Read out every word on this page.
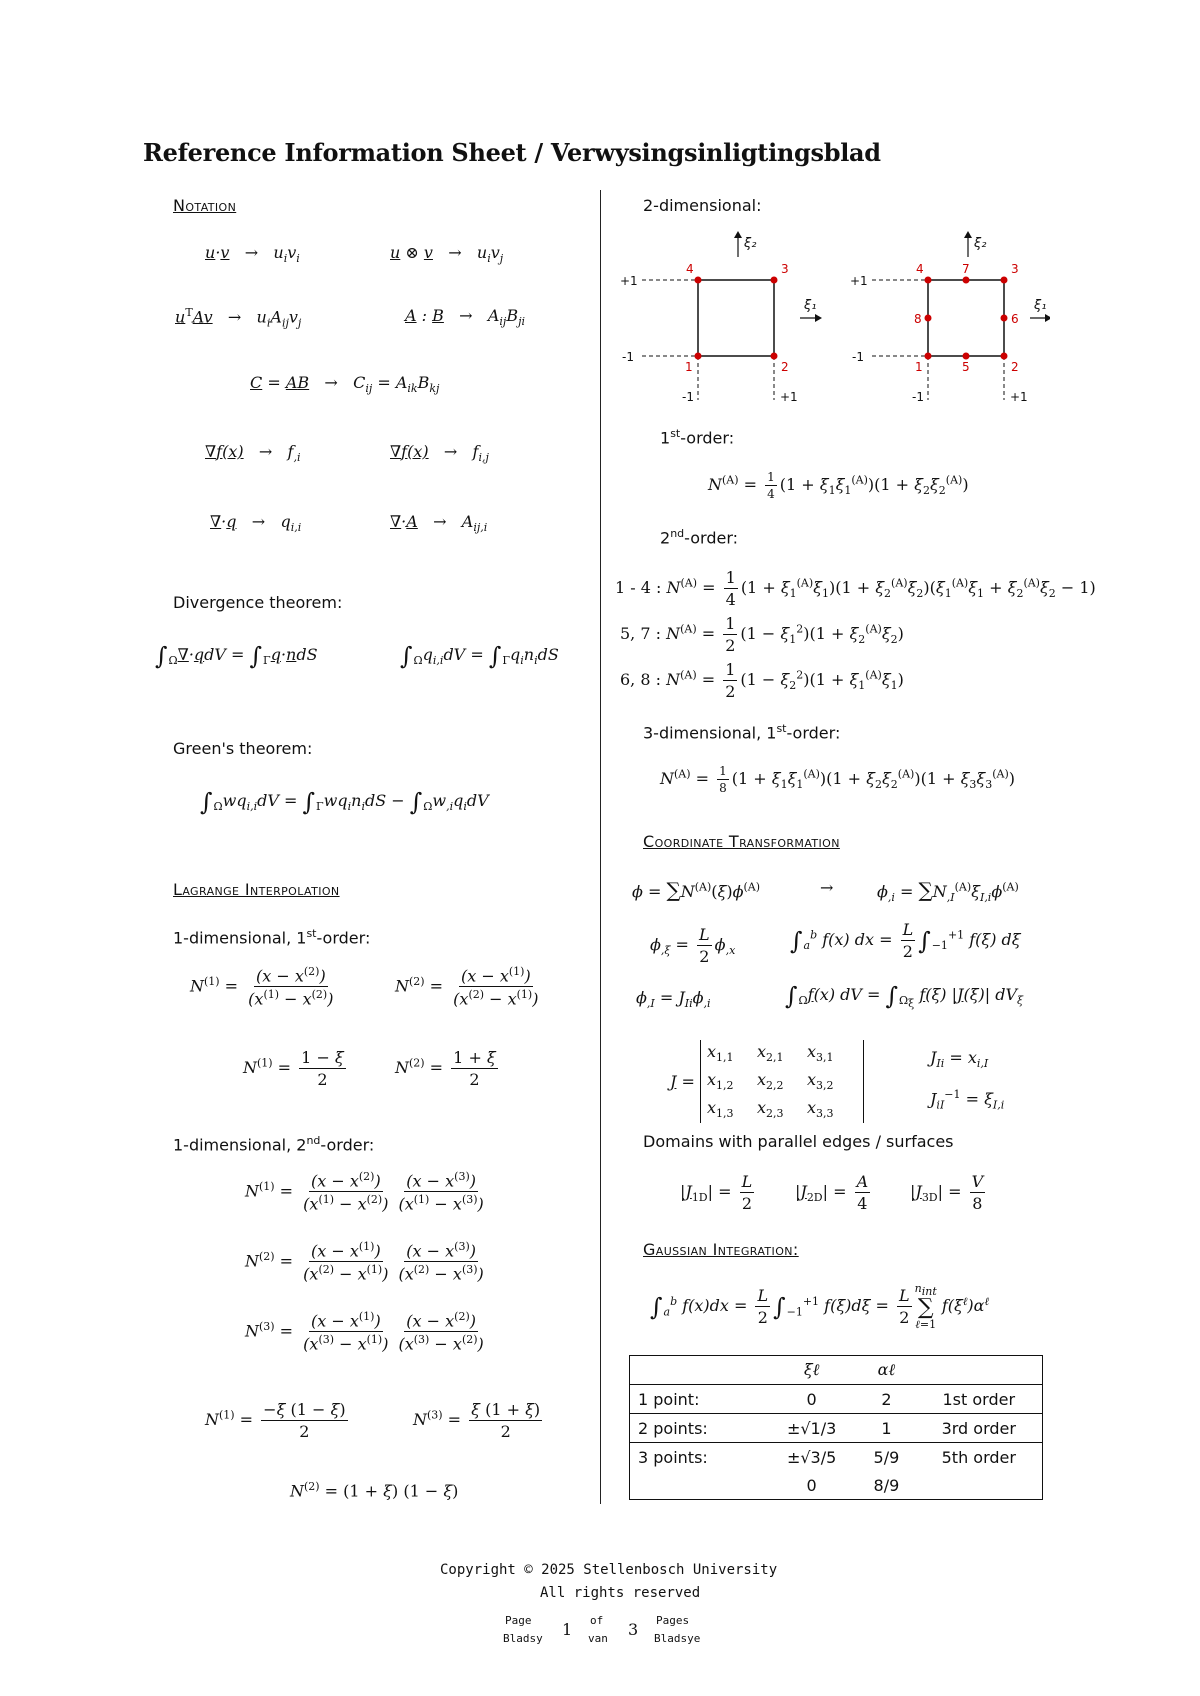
Reference Information Sheet / Verwysingsinligtingsblad
Notation
$u\cdot v \to u_iv_i$	u ⊗ $v \to u_iv_j$
$u^TAv \to u_iA_{ij}v_j$	A : $B \to A_{ij}B_{ji}$
C = AB →   $C_{ij} = A_{ik}B_{kj}$
$\nabla f(x) \to f_{,i}$	$\nabla f(x) \to f_{i,j}$
$\nabla\cdot q \to q_{i,i}$	$\nabla\cdot A \to A_{ij,i}$
Divergence theorem:
$\int_\Omega\nabla\cdot qdV = \int_\Gamma q\cdot ndS$	$\int_\Omega q_{i,i}dV = \int_\Gamma q_in_idS$
Green's theorem:
$\int_\Omega wq_{i,i}dV = \int_\Gamma wq_in_idS - \int_\Omega w_{,i}q_idV$
Lagrange Interpolation
1-dimensional, 1st-order:
$N^{(1)} = \frac{(x - x^{(2)})}{(x^{(1)} - x^{(2)})}$	$N^{(2)} = \frac{(x - x^{(1)})}{(x^{(2)} - x^{(1)})}$
$N^{(1)} = \frac{1 - \xi}{2}$	$N^{(2)} = \frac{1 + \xi}{2}$
1-dimensional, 2nd-order:
$N^{(1)} = \frac{(x - x^{(2)})}{(x^{(1)} - x^{(2)})} \frac{(x - x^{(3)})}{(x^{(1)} - x^{(3)})}$
$N^{(2)} = \frac{(x - x^{(1)})}{(x^{(2)} - x^{(1)})} \frac{(x - x^{(3)})}{(x^{(2)} - x^{(3)})}$
$N^{(3)} = \frac{(x - x^{(1)})}{(x^{(3)} - x^{(1)})} \frac{(x - x^{(2)})}{(x^{(3)} - x^{(2)})}$
$N^{(1)} = \frac{-\xi (1 - \xi)}{2}$	$N^{(3)} = \frac{\xi (1 + \xi)}{2}$
$N^{(2)} = (1 + \xi) (1 - \xi)$
2-dimensional:
1	2
3
4
+1
-1
-1	+1
ξ₂
ξ₁
1	2
3
4
5
6
7
8
+1
-1
-1	+1
ξ₂
ξ₁
1st-order:
$N^{(A)} = \frac{1}{4} (1 + \xi_1\xi_1^{(A)})(1 + \xi_2\xi_2^{(A)})$
2nd-order:
1 - 4 : $N^{(A)} = \frac{1}{4} (1 + \xi_1^{(A)}\xi_1)(1 + \xi_2^{(A)}\xi_2)(\xi_1^{(A)}\xi_1 + \xi_2^{(A)}\xi_2 - 1)$
5, 7 : $N^{(A)} = \frac{1}{2} (1 - \xi_1^2)(1 + \xi_2^{(A)}\xi_2)$
6, 8 : $N^{(A)} = \frac{1}{2} (1 - \xi_2^2)(1 + \xi_1^{(A)}\xi_1)$
3-dimensional, 1st-order:
$N^{(A)} = \frac{1}{8} (1 + \xi_1\xi_1^{(A)})(1 + \xi_2\xi_2^{(A)})(1 + \xi_3\xi_3^{(A)})$
Coordinate Transformation
$\phi = \sum N^{(A)}(\xi)\phi^{(A)}$	→	$\phi_{,i} = \sum N_{,I}^{(A)}\xi_{I,i}\phi^{(A)}$
$\phi_{,\xi} = \frac{L}{2} \phi_{,x}$ $\int_a^b$ f(x) dx = $\frac{L}{2} \int_{-1}^{+1}$ f(ξ) dξ
$\phi_{,I} = J_{Ii}\phi_{,i}$	$\int_\Omega f(x)$ dV = $\int_{\Omega_\xi}$ f(ξ) |J(ξ)| $dV_\xi$
J =
$x_{1,1}$	$x_{2,1}$	$x_{3,1}$
$x_{1,2}$	$x_{2,2}$	$x_{3,2}$
$x_{1,3}$	$x_{2,3}$	$x_{3,3}$
$J_{Ii} = x_{i,I}$
$J_{iI}^{-1} = \xi_{I,i}$
Domains with parallel edges / surfaces
$|J_{1D}| = \frac{L}{2}$	$|J_{2D}| = \frac{A}{4} |J_{3D}| = \frac{V}{8}$
Gaussian Integration:
$\int_a^b$ $f(x)dx = \frac{L}{2} \int_{-1}^{+1}$ $f(\xi)d\xi = \frac{L}{2} n_{int}$
∑
ℓ=1
$f(\xi^\ell)\alpha^\ell$
	ξℓ	αℓ	
1 point:	0	2	1st order
2 points:	±√1/3	1	3rd order
3 points:	±√3/5	5/9	5th order
	0	8/9	
Copyright © 2025 Stellenbosch University
All rights reserved
Page
Bladsy 1 of
van 3 Pages
Bladsye
